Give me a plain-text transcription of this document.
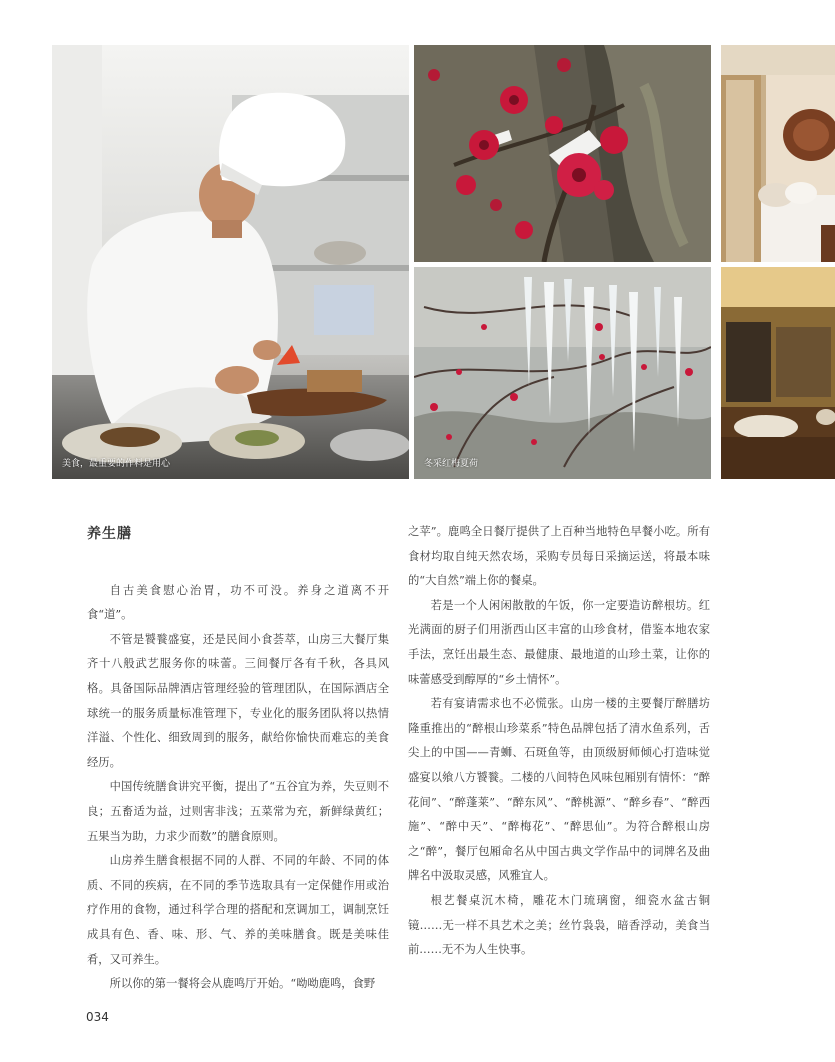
美食，最重要的作料是用心	冬采红梅夏荷

养生膳

自古美食慰心治胃，功不可没。养身之道离不开食“道”。

不管是饕餮盛宴，还是民间小食荟萃，山房三大餐厅集齐十八般武艺服务你的味蕾。三间餐厅各有千秋，各具风格。具备国际品牌酒店管理经验的管理团队，在国际酒店全球统一的服务质量标准管理下，专业化的服务团队将以热情洋溢、个性化、细致周到的服务，献给你愉快而难忘的美食经历。

中国传统膳食讲究平衡，提出了“五谷宜为养，失豆则不良；五畜适为益，过则害非浅；五菜常为充，新鲜绿黄红；五果当为助，力求少而数”的膳食原则。

山房养生膳食根据不同的人群、不同的年龄、不同的体质、不同的疾病，在不同的季节选取具有一定保健作用或治疗作用的食物，通过科学合理的搭配和烹调加工，调制烹饪成具有色、香、味、形、气、养的美味膳食。既是美味佳肴，又可养生。

所以你的第一餐将会从鹿鸣厅开始。“呦呦鹿鸣，食野

之苹”。鹿鸣全日餐厅提供了上百种当地特色早餐小吃。所有食材均取自纯天然农场，采购专员每日采摘运送，将最本味的“大自然”端上你的餐桌。

若是一个人闲闲散散的午饭，你一定要造访醉根坊。红光满面的厨子们用浙西山区丰富的山珍食材，借鉴本地农家手法，烹饪出最生态、最健康、最地道的山珍土菜，让你的味蕾感受到醇厚的“乡土情怀”。

若有宴请需求也不必慌张。山房一楼的主要餐厅醉膳坊隆重推出的“醉根山珍菜系”特色品牌包括了清水鱼系列，舌尖上的中国——青蛳、石斑鱼等，由顶级厨师倾心打造味觉盛宴以飨八方饕餮。二楼的八间特色风味包厢别有情怀：“醉花间”、“醉蓬莱”、“醉东风”、“醉桃源”、“醉乡春”、“醉西施”、“醉中天”、“醉梅花”、“醉思仙”。为符合醉根山房之“醉”，餐厅包厢命名从中国古典文学作品中的词牌名及曲牌名中汲取灵感，风雅宜人。

根艺餐桌沉木椅，雕花木门琉璃窗，细瓷水盆古铜镜……无一样不具艺术之美；丝竹袅袅，暗香浮动，美食当前……无不为人生快事。

034
